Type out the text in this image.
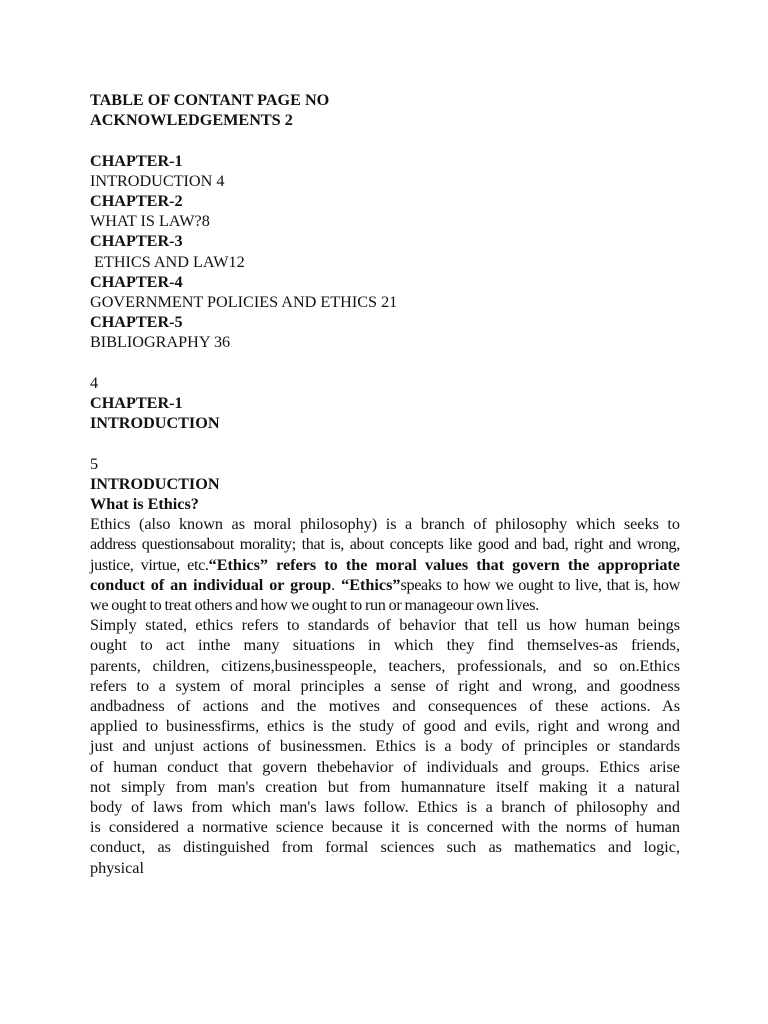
TABLE OF CONTANT PAGE NO
ACKNOWLEDGEMENTS 2
CHAPTER-1
INTRODUCTION 4
CHAPTER-2
WHAT IS LAW?8
CHAPTER-3
ETHICS AND LAW12
CHAPTER-4
GOVERNMENT POLICIES AND ETHICS 21
CHAPTER-5
BIBLIOGRAPHY 36
4
CHAPTER-1
INTRODUCTION
5
INTRODUCTION
What is Ethics?
Ethics (also known as moral philosophy) is a branch of philosophy which seeks to
address questionsabout morality; that is, about concepts like good and bad, right and wrong,
justice, virtue, etc.“Ethics” refers to the moral values that govern the appropriate
conduct of an individual or group. “Ethics”speaks to how we ought to live, that is, how
we ought to treat others and how we ought to run or manageour own lives.
Simply stated, ethics refers to standards of behavior that tell us how human beings
ought to act inthe many situations in which they find themselves-as friends,
parents, children, citizens,businesspeople, teachers, professionals, and so on.Ethics
refers to a system of moral principles a sense of right and wrong, and goodness
andbadness of actions and the motives and consequences of these actions. As
applied to businessfirms, ethics is the study of good and evils, right and wrong and
just and unjust actions of businessmen. Ethics is a body of principles or standards
of human conduct that govern thebehavior of individuals and groups. Ethics arise
not simply from man's creation but from humannature itself making it a natural
body of laws from which man's laws follow. Ethics is a branch of philosophy and
is considered a normative science because it is concerned with the norms of human
conduct, as distinguished from formal sciences such as mathematics and logic,
physical
